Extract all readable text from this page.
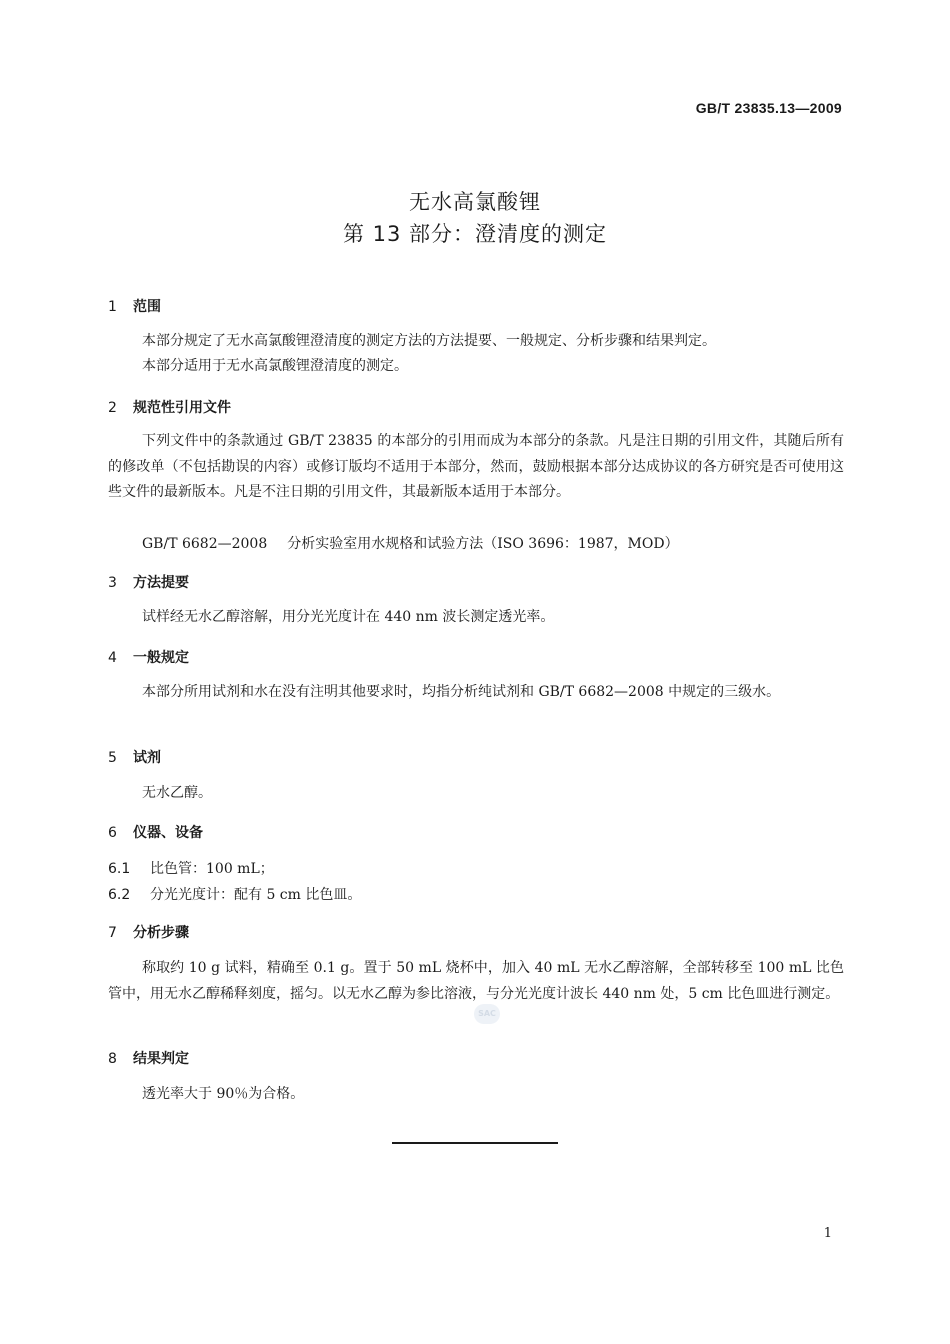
GB/T 23835.13—2009
无水高氯酸锂
第 13 部分：澄清度的测定
1 范围
本部分规定了无水高氯酸锂澄清度的测定方法的方法提要、一般规定、分析步骤和结果判定。
本部分适用于无水高氯酸锂澄清度的测定。
2 规范性引用文件
下列文件中的条款通过 GB/T 23835 的本部分的引用而成为本部分的条款。凡是注日期的引用文件，其随后所有的修改单（不包括勘误的内容）或修订版均不适用于本部分，然而，鼓励根据本部分达成协议的各方研究是否可使用这些文件的最新版本。凡是不注日期的引用文件，其最新版本适用于本部分。
GB/T 6682—2008 分析实验室用水规格和试验方法（ISO 3696：1987，MOD）
3 方法提要
试样经无水乙醇溶解，用分光光度计在 440 nm 波长测定透光率。
4 一般规定
本部分所用试剂和水在没有注明其他要求时，均指分析纯试剂和 GB/T 6682—2008 中规定的三级水。
5 试剂
无水乙醇。
6 仪器、设备
6.1 比色管：100 mL；
6.2 分光光度计：配有 5 cm 比色皿。
7 分析步骤
称取约 10 g 试料，精确至 0.1 g。置于 50 mL 烧杯中，加入 40 mL 无水乙醇溶解，全部转移至 100 mL 比色管中，用无水乙醇稀释刻度，摇匀。以无水乙醇为参比溶液，与分光光度计波长 440 nm 处，5 cm 比色皿进行测定。
SAC
8 结果判定
透光率大于 90％为合格。
1
